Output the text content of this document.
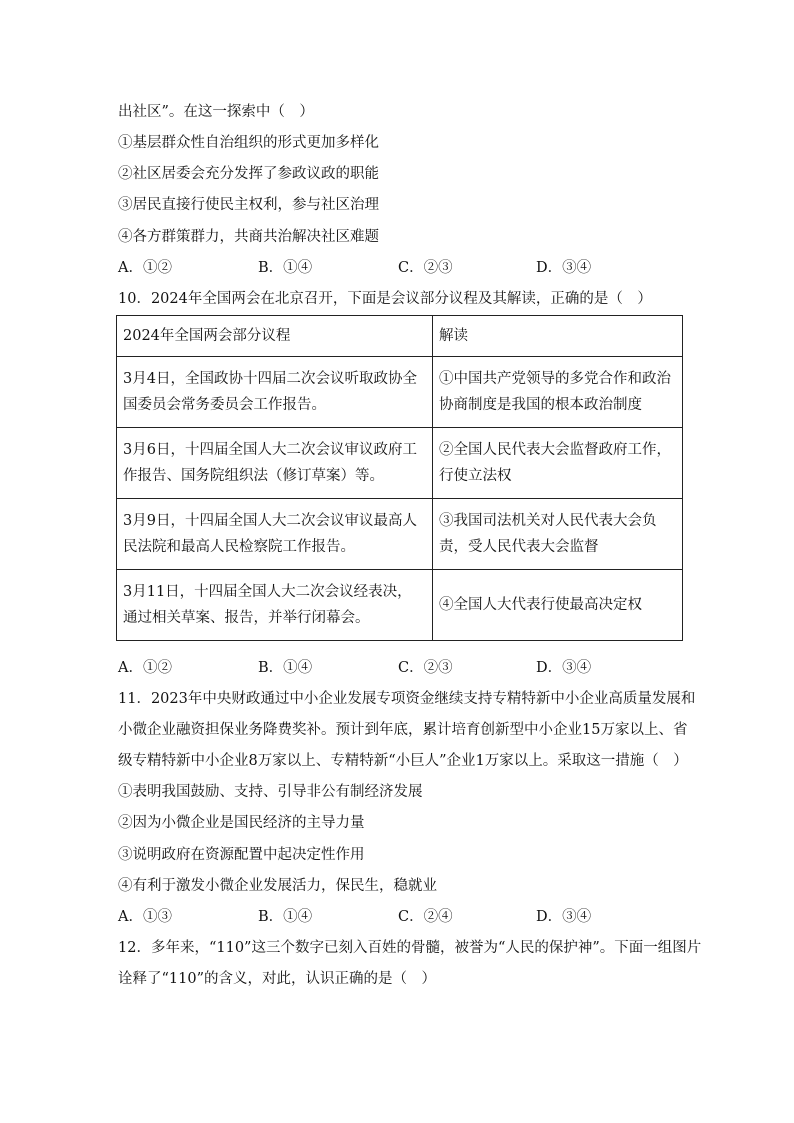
出社区”。在这一探索中（　）
①基层群众性自治组织的形式更加多样化
②社区居委会充分发挥了参政议政的职能
③居民直接行使民主权利，参与社区治理
④各方群策群力，共商共治解决社区难题
A．①②	B．①④	C．②③	D．③④
10．2024年全国两会在北京召开，下面是会议部分议程及其解读，正确的是（　）
2024年全国两会部分议程	解读
3月4日，全国政协十四届二次会议听取政协全国委员会常务委员会工作报告。	①中国共产党领导的多党合作和政治协商制度是我国的根本政治制度
3月6日，十四届全国人大二次会议审议政府工作报告、国务院组织法（修订草案）等。	②全国人民代表大会监督政府工作，行使立法权
3月9日，十四届全国人大二次会议审议最高人民法院和最高人民检察院工作报告。	③我国司法机关对人民代表大会负责，受人民代表大会监督
3月11日，十四届全国人大二次会议经表决，通过相关草案、报告，并举行闭幕会。	④全国人大代表行使最高决定权
A．①②	B．①④	C．②③	D．③④
11．2023年中央财政通过中小企业发展专项资金继续支持专精特新中小企业高质量发展和
小微企业融资担保业务降费奖补。预计到年底，累计培育创新型中小企业15万家以上、省
级专精特新中小企业8万家以上、专精特新“小巨人”企业1万家以上。采取这一措施（　）
①表明我国鼓励、支持、引导非公有制经济发展
②因为小微企业是国民经济的主导力量
③说明政府在资源配置中起决定性作用
④有利于激发小微企业发展活力，保民生，稳就业
A．①③	B．①④	C．②④	D．③④
12．多年来，“110”这三个数字已刻入百姓的骨髓，被誉为“人民的保护神”。下面一组图片
诠释了“110”的含义，对此，认识正确的是（　）
